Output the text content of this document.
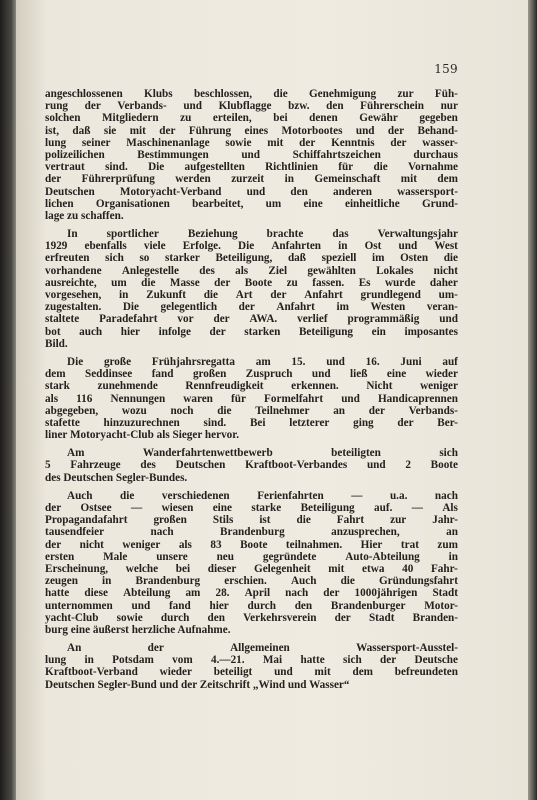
159
angeschlossenen Klubs beschlossen, die Genehmigung zur Füh-
rung der Verbands- und Klubflagge bzw. den Führerschein nur
solchen Mitgliedern zu erteilen, bei denen Gewähr gegeben
ist, daß sie mit der Führung eines Motorbootes und der Behand-
lung seiner Maschinenanlage sowie mit der Kenntnis der wasser-
polizeilichen	Bestimmungen	und	Schiffahrtszeichen	durchaus
vertraut sind. Die aufgestellten Richtlinien für die Vornahme
der Führerprüfung werden zurzeit in Gemeinschaft mit dem
Deutschen Motoryacht-Verband und den anderen wassersport-
lichen Organisationen bearbeitet, um eine einheitliche Grund-
lage zu schaffen.
In	sportlicher	Beziehung	brachte	das	Verwaltungsjahr
1929 ebenfalls viele Erfolge. Die Anfahrten in Ost und West
erfreuten sich so starker Beteiligung, daß speziell im Osten die
vorhandene Anlegestelle des als Ziel gewählten Lokales nicht
ausreichte, um die Masse der Boote zu fassen. Es wurde daher
vorgesehen, in Zukunft die Art der Anfahrt grundlegend um-
zugestalten. Die gelegentlich der Anfahrt im Westen veran-
staltete Paradefahrt vor der AWA. verlief programmäßig und
bot auch hier infolge der starken Beteiligung ein imposantes
Bild.
Die große Frühjahrsregatta am 15. und 16. Juni auf
dem Seddinsee fand großen Zuspruch und ließ eine wieder
stark zunehmende Rennfreudigkeit erkennen. Nicht weniger
als 116 Nennungen waren für Formelfahrt und Handicaprennen
abgegeben, wozu noch die Teilnehmer an der Verbands-
stafette hinzuzurechnen sind. Bei letzterer ging der Ber-
liner Motoryacht-Club als Sieger hervor.
Am	Wanderfahrtenwettbewerb	beteiligten	sich
5 Fahrzeuge des Deutschen Kraftboot-Verbandes und 2 Boote
des Deutschen Segler-Bundes.
Auch die verschiedenen Ferienfahrten — u.a. nach
der Ostsee — wiesen eine starke Beteiligung auf. — Als
Propagandafahrt großen Stils ist die Fahrt zur Jahr-
tausendfeier	nach	Brandenburg	anzusprechen,	an
der nicht weniger als 83 Boote teilnahmen. Hier trat zum
ersten	Male	unsere	neu	gegründete	Auto-Abteilung	in
Erscheinung, welche bei dieser Gelegenheit mit etwa 40 Fahr-
zeugen in Brandenburg erschien. Auch die Gründungsfahrt
hatte diese Abteilung am 28. April nach der 1000jährigen Stadt
unternommen und fand hier durch den Brandenburger Motor-
yacht-Club sowie durch den Verkehrsverein der Stadt Branden-
burg eine äußerst herzliche Aufnahme.
An	der	Allgemeinen	Wassersport-Ausstel-
lung in Potsdam vom 4.—21. Mai hatte sich der Deutsche
Kraftboot-Verband wieder beteiligt und mit dem befreundeten
Deutschen Segler-Bund und der Zeitschrift „Wind und Wasser“
